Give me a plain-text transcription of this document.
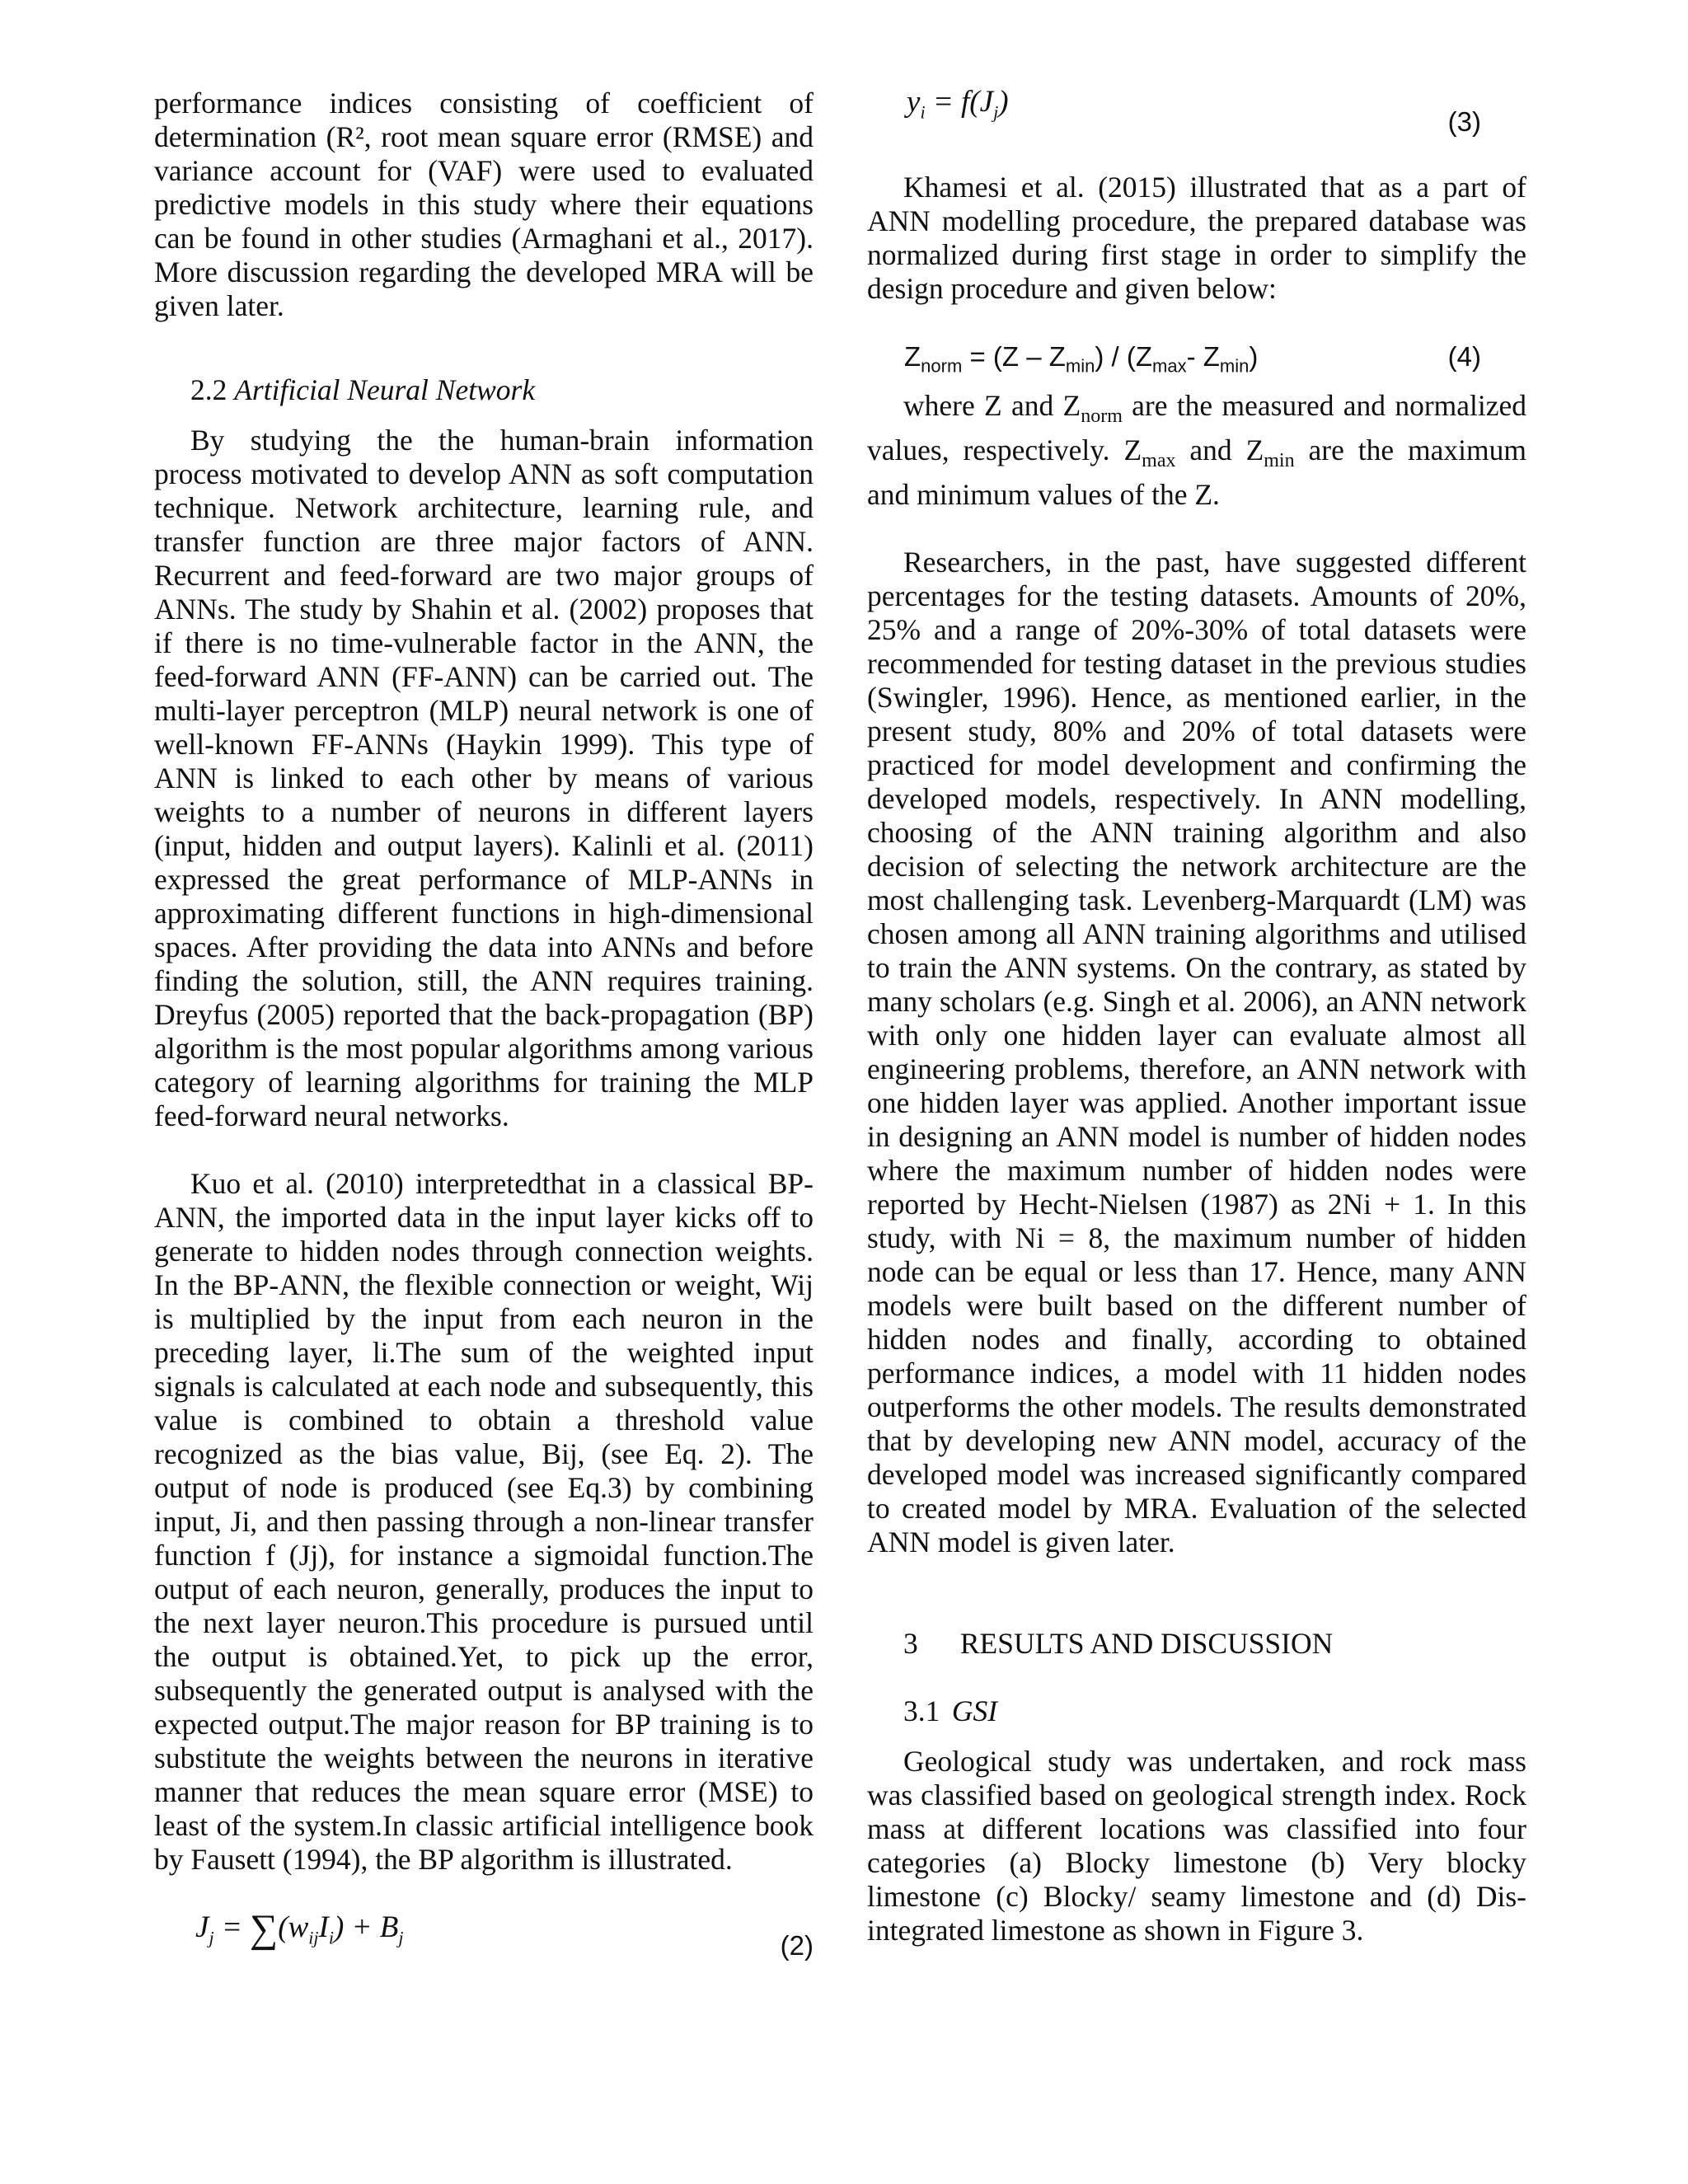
performance indices consisting of coefficient of determination (R², root mean square error (RMSE) and variance account for (VAF) were used to evaluated predictive models in this study where their equations can be found in other studies (Armaghani et al., 2017). More discussion regarding the developed MRA will be given later.

2.2 Artificial Neural Network

By studying the the human-brain information process motivated to develop ANN as soft computation technique. Network architecture, learning rule, and transfer function are three major factors of ANN. Recurrent and feed-forward are two major groups of ANNs. The study by Shahin et al. (2002) proposes that if there is no time-vulnerable factor in the ANN, the feed-forward ANN (FF-ANN) can be carried out. The multi-layer perceptron (MLP) neural network is one of well-known FF-ANNs (Haykin 1999). This type of ANN is linked to each other by means of various weights to a number of neurons in different layers (input, hidden and output layers). Kalinli et al. (2011) expressed the great performance of MLP-ANNs in approximating different functions in high-dimensional spaces. After providing the data into ANNs and before finding the solution, still, the ANN requires training. Dreyfus (2005) reported that the back-propagation (BP) algorithm is the most popular algorithms among various category of learning algorithms for training the MLP feed-forward neural networks.

Kuo et al. (2010) interpretedthat in a classical BP-ANN, the imported data in the input layer kicks off to generate to hidden nodes through connection weights. In the BP-ANN, the flexible connection or weight, Wij is multiplied by the input from each neuron in the preceding layer, li.The sum of the weighted input signals is calculated at each node and subsequently, this value is combined to obtain a threshold value recognized as the bias value, Bij, (see Eq. 2). The output of node is produced (see Eq.3) by combining input, Ji, and then passing through a non-linear transfer function f (Jj), for instance a sigmoidal function.The output of each neuron, generally, produces the input to the next layer neuron.This procedure is pursued until the output is obtained.Yet, to pick up the error, subsequently the generated output is analysed with the expected output.The major reason for BP training is to substitute the weights between the neurons in iterative manner that reduces the mean square error (MSE) to least of the system.In classic artificial intelligence book by Fausett (1994), the BP algorithm is illustrated.

$J_j = \sum(w_{ij}I_i) + B_j$	(2)
$y_i = f(J_j)$
(3)

Khamesi et al. (2015) illustrated that as a part of ANN modelling procedure, the prepared database was normalized during first stage in order to simplify the design procedure and given below:

$Z_{norm} = (Z - Z_{min}) / (Z_{max}-$ $Z_{min}$)	(4)

where Z and $Z_{norm}$ are the measured and normalized values, respectively. $Z_{max}$ and $Z_{min}$ are the maximum and minimum values of the Z.

Researchers, in the past, have suggested different percentages for the testing datasets. Amounts of 20%, 25% and a range of 20%-30% of total datasets were recommended for testing dataset in the previous studies (Swingler, 1996). Hence, as mentioned earlier, in the present study, 80% and 20% of total datasets were practiced for model development and confirming the developed models, respectively. In ANN modelling, choosing of the ANN training algorithm and also decision of selecting the network architecture are the most challenging task. Levenberg-Marquardt (LM) was chosen among all ANN training algorithms and utilised to train the ANN systems. On the contrary, as stated by many scholars (e.g. Singh et al. 2006), an ANN network with only one hidden layer can evaluate almost all engineering problems, therefore, an ANN network with one hidden layer was applied. Another important issue in designing an ANN model is number of hidden nodes where the maximum number of hidden nodes were reported by Hecht-Nielsen (1987) as 2Ni + 1. In this study, with Ni = 8, the maximum number of hidden node can be equal or less than 17. Hence, many ANN models were built based on the different number of hidden nodes and finally, according to obtained performance indices, a model with 11 hidden nodes outperforms the other models. The results demonstrated that by developing new ANN model, accuracy of the developed model was increased significantly compared to created model by MRA. Evaluation of the selected ANN model is given later.

3 RESULTS AND DISCUSSION

3.1 GSI

Geological study was undertaken, and rock mass was classified based on geological strength index. Rock mass at different locations was classified into four categories (a) Blocky limestone (b) Very blocky limestone (c) Blocky/ seamy limestone and (d) Dis-integrated limestone as shown in Figure 3.
